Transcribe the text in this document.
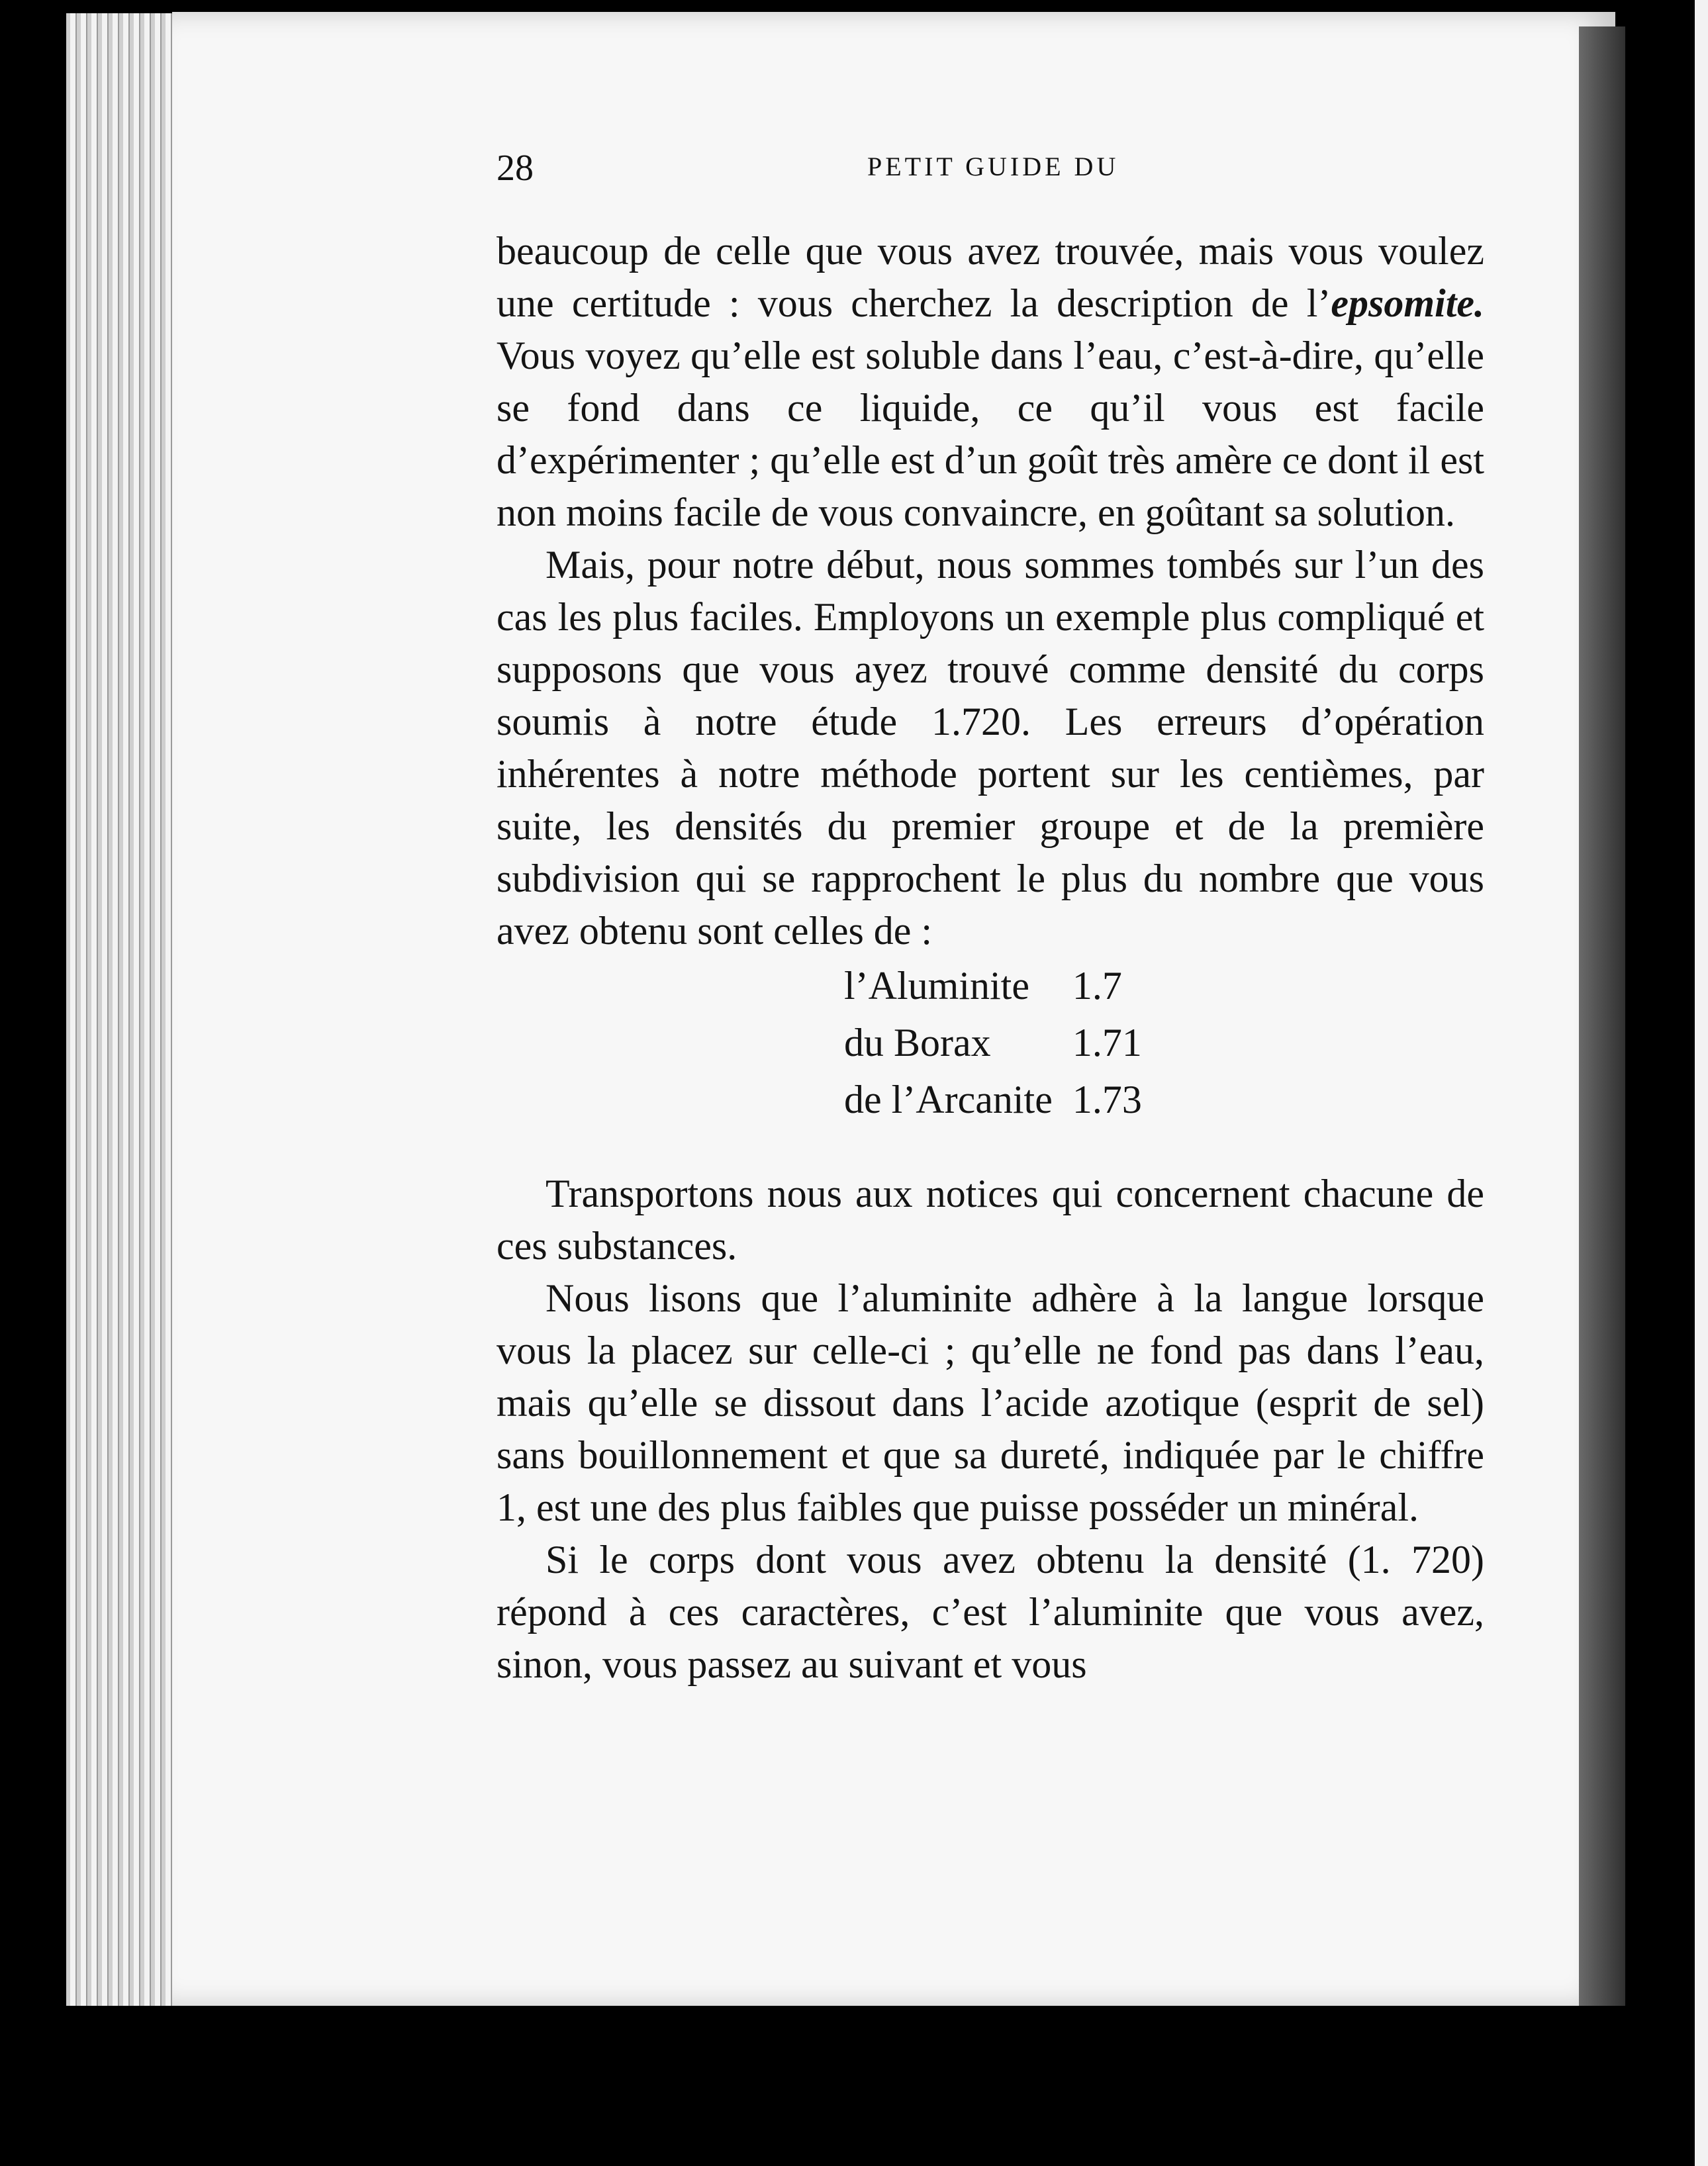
28	PETIT GUIDE DU

beaucoup de celle que vous avez trouvée, mais vous voulez une certitude : vous cherchez la description de l’epsomite. Vous voyez qu’elle est soluble dans l’eau, c’est-à-dire, qu’elle se fond dans ce liquide, ce qu’il vous est facile d’expérimenter ; qu’elle est d’un goût très amère ce dont il est non moins facile de vous convaincre, en goûtant sa solution.

Mais, pour notre début, nous sommes tombés sur l’un des cas les plus faciles. Employons un exemple plus compliqué et supposons que vous ayez trouvé comme densité du corps soumis à notre étude 1.720. Les erreurs d’opération inhérentes à notre méthode portent sur les centièmes, par suite, les densités du premier groupe et de la première subdivision qui se rapprochent le plus du nombre que vous avez obtenu sont celles de :

l’Aluminite	1.7
du Borax	1.71
de l’Arcanite	1.73

Transportons nous aux notices qui concernent chacune de ces substances.

Nous lisons que l’aluminite adhère à la langue lorsque vous la placez sur celle-ci ; qu’elle ne fond pas dans l’eau, mais qu’elle se dissout dans l’acide azotique (esprit de sel) sans bouillonnement et que sa dureté, indiquée par le chiffre 1, est une des plus faibles que puisse posséder un minéral.

Si le corps dont vous avez obtenu la densité (1. 720) répond à ces caractères, c’est l’aluminite que vous avez, sinon, vous passez au suivant et vous
